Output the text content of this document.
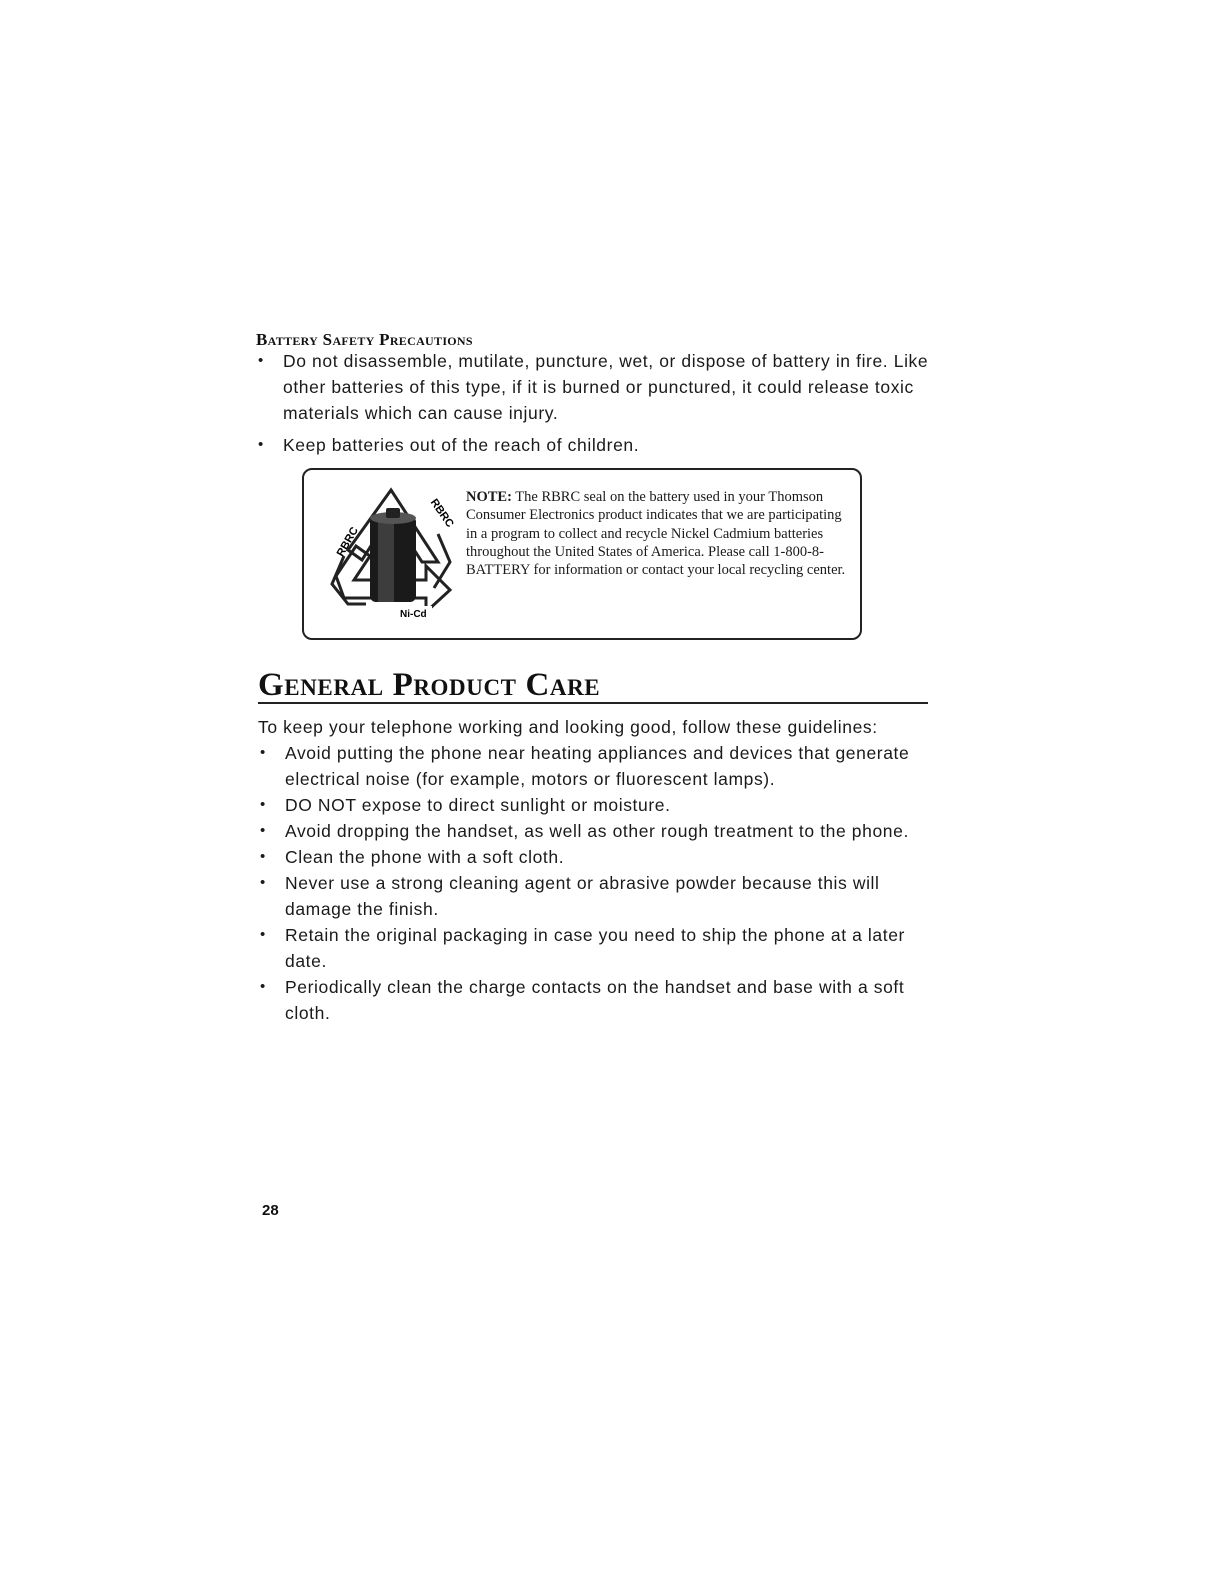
Battery Safety Precautions
• Do not disassemble, mutilate, puncture, wet, or dispose of battery in fire. Like other batteries of this type, if it is burned or punctured, it could release toxic materials which can cause injury.
• Keep batteries out of the reach of children.
RBRC
RBRC
Ni-Cd
NOTE: The RBRC seal on the battery used in your Thomson Consumer Electronics product indicates that we are participating in a program to collect and recycle Nickel Cadmium batteries throughout the United States of America. Please call 1-800-8-BATTERY for information or contact your local recycling center.
General Product Care
To keep your telephone working and looking good, follow these guidelines:
• Avoid putting the phone near heating appliances and devices that generate electrical noise (for example, motors or fluorescent lamps).
• DO NOT expose to direct sunlight or moisture.
• Avoid dropping the handset, as well as other rough treatment to the phone.
• Clean the phone with a soft cloth.
• Never use a strong cleaning agent or abrasive powder because this will damage the finish.
• Retain the original packaging in case you need to ship the phone at a later date.
• Periodically clean the charge contacts on the handset and base with a soft cloth.
28
